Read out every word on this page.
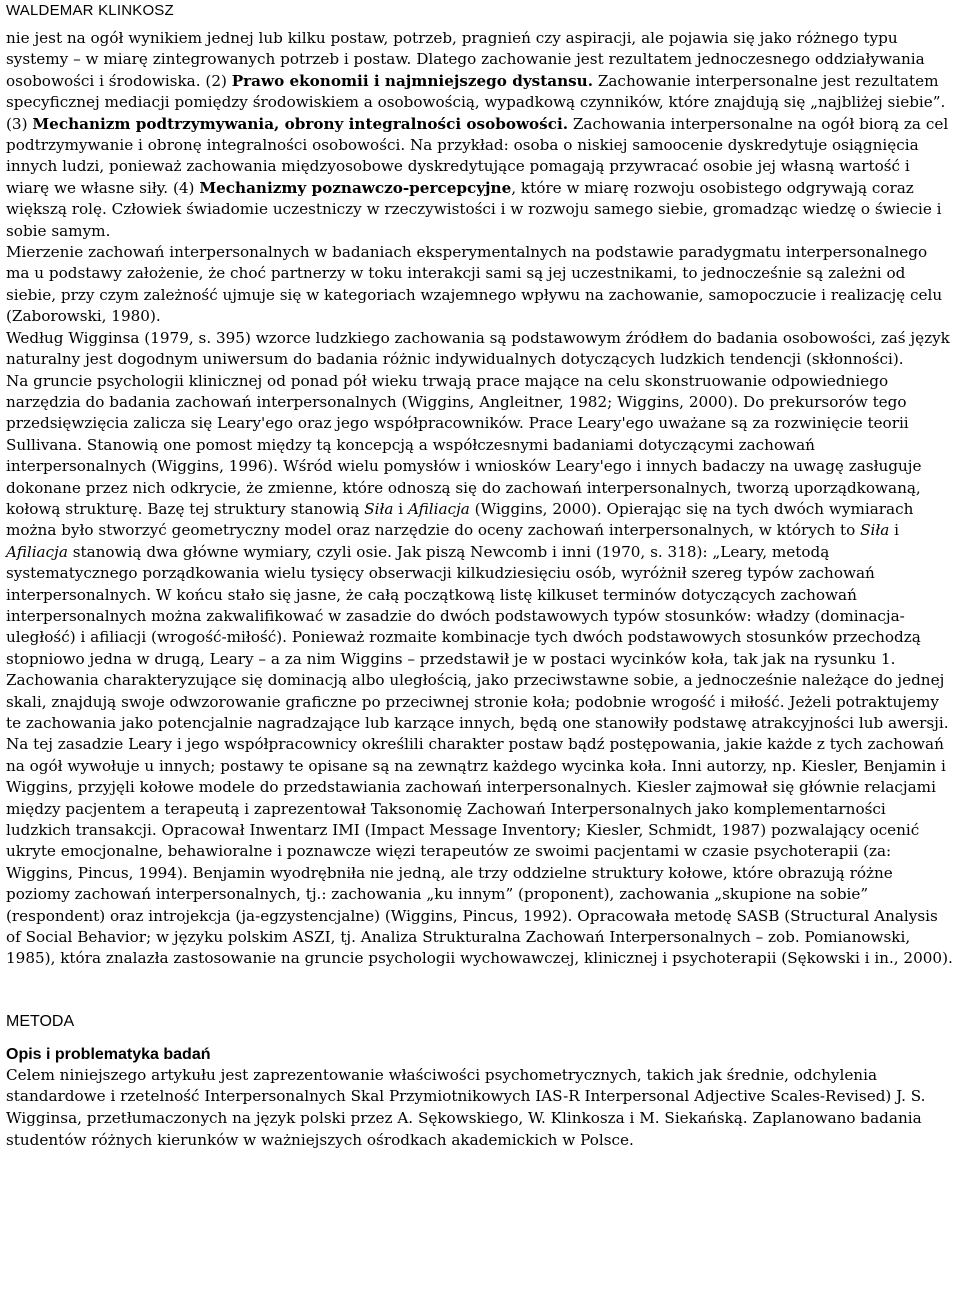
WALDEMAR KLINKOSZ

nie jest na ogół wynikiem jednej lub kilku postaw, potrzeb, pragnień czy aspiracji, ale pojawia się jako różnego typu systemy – w miarę zintegrowanych potrzeb i postaw. Dlatego zachowanie jest rezultatem jednoczesnego oddziaływania osobowości i środowiska. (2) Prawo ekonomii i najmniejszego dystansu. Zachowanie interpersonalne jest rezultatem specyficznej mediacji pomiędzy środowiskiem a osobowością, wypadkową czynników, które znajdują się „najbliżej siebie”. (3) Mechanizm podtrzymywania, obrony integralności osobowości. Zachowania interpersonalne na ogół biorą za cel podtrzymywanie i obronę integralności osobowości. Na przykład: osoba o niskiej samoocenie dyskredytuje osiągnięcia innych ludzi, ponieważ zachowania międzyosobowe dyskredytujące pomagają przywracać osobie jej własną wartość i wiarę we własne siły. (4) Mechanizmy poznawczo-percepcyjne, które w miarę rozwoju osobistego odgrywają coraz większą rolę. Człowiek świadomie uczestniczy w rzeczywistości i w rozwoju samego siebie, gromadząc wiedzę o świecie i sobie samym.

Mierzenie zachowań interpersonalnych w badaniach eksperymentalnych na podstawie paradygmatu interpersonalnego ma u podstawy założenie, że choć partnerzy w toku interakcji sami są jej uczestnikami, to jednocześnie są zależni od siebie, przy czym zależność ujmuje się w kategoriach wzajemnego wpływu na zachowanie, samopoczucie i realizację celu (Zaborowski, 1980).

Według Wigginsa (1979, s. 395) wzorce ludzkiego zachowania są podstawowym źródłem do badania osobowości, zaś język naturalny jest dogodnym uniwersum do badania różnic indywidualnych dotyczących ludzkich tendencji (skłonności).

Na gruncie psychologii klinicznej od ponad pół wieku trwają prace mające na celu skonstruowanie odpowiedniego narzędzia do badania zachowań interpersonalnych (Wiggins, Angleitner, 1982; Wiggins, 2000). Do prekursorów tego przedsięwzięcia zalicza się Leary'ego oraz jego współpracowników. Prace Leary'ego uważane są za rozwinięcie teorii Sullivana. Stanowią one pomost między tą koncepcją a współczesnymi badaniami dotyczącymi zachowań interpersonalnych (Wiggins, 1996). Wśród wielu pomysłów i wniosków Leary'ego i innych badaczy na uwagę zasługuje dokonane przez nich odkrycie, że zmienne, które odnoszą się do zachowań interpersonalnych, tworzą uporządkowaną, kołową strukturę. Bazę tej struktury stanowią Siła i Afiliacja (Wiggins, 2000). Opierając się na tych dwóch wymiarach można było stworzyć geometryczny model oraz narzędzie do oceny zachowań interpersonalnych, w których to Siła i Afiliacja stanowią dwa główne wymiary, czyli osie. Jak piszą Newcomb i inni (1970, s. 318): „Leary, metodą systematycznego porządkowania wielu tysięcy obserwacji kilkudziesięciu osób, wyróżnił szereg typów zachowań interpersonalnych. W końcu stało się jasne, że całą początkową listę kilkuset terminów dotyczących zachowań interpersonalnych można zakwalifikować w zasadzie do dwóch podstawowych typów stosunków: władzy (dominacja-uległość) i afiliacji (wrogość-miłość). Ponieważ rozmaite kombinacje tych dwóch podstawowych stosunków przechodzą stopniowo jedna w drugą, Leary – a za nim Wiggins – przedstawił je w postaci wycinków koła, tak jak na rysunku 1. Zachowania charakteryzujące się dominacją albo uległością, jako przeciwstawne sobie, a jednocześnie należące do jednej skali, znajdują swoje odwzorowanie graficzne po przeciwnej stronie koła; podobnie wrogość i miłość. Jeżeli potraktujemy te zachowania jako potencjalnie nagradzające lub karzące innych, będą one stanowiły podstawę atrakcyjności lub awersji. Na tej zasadzie Leary i jego współpracownicy określili charakter postaw bądź postępowania, jakie każde z tych zachowań na ogół wywołuje u innych; postawy te opisane są na zewnątrz każdego wycinka koła. Inni autorzy, np. Kiesler, Benjamin i Wiggins, przyjęli kołowe modele do przedstawiania zachowań interpersonalnych. Kiesler zajmował się głównie relacjami między pacjentem a terapeutą i zaprezentował Taksonomię Zachowań Interpersonalnych jako komplementarności ludzkich transakcji. Opracował Inwentarz IMI (Impact Message Inventory; Kiesler, Schmidt, 1987) pozwalający ocenić ukryte emocjonalne, behawioralne i poznawcze więzi terapeutów ze swoimi pacjentami w czasie psychoterapii (za: Wiggins, Pincus, 1994). Benjamin wyodrębniła nie jedną, ale trzy oddzielne struktury kołowe, które obrazują różne poziomy zachowań interpersonalnych, tj.: zachowania „ku innym” (proponent), zachowania „skupione na sobie” (respondent) oraz introjekcja (ja-egzystencjalne) (Wiggins, Pincus, 1992). Opracowała metodę SASB (Structural Analysis of Social Behavior; w języku polskim ASZI, tj. Analiza Strukturalna Zachowań Interpersonalnych – zob. Pomianowski, 1985), która znalazła zastosowanie na gruncie psychologii wychowawczej, klinicznej i psychoterapii (Sękowski i in., 2000).

METODA
Opis i problematyka badań

Celem niniejszego artykułu jest zaprezentowanie właściwości psychometrycznych, takich jak średnie, odchylenia standardowe i rzetelność Interpersonalnych Skal Przymiotnikowych IAS-R Interpersonal Adjective Scales-Revised) J. S. Wigginsa, przetłumaczonych na język polski przez A. Sękowskiego, W. Klinkosza i M. Siekańską. Zaplanowano badania studentów różnych kierunków w ważniejszych ośrodkach akademickich w Polsce.
